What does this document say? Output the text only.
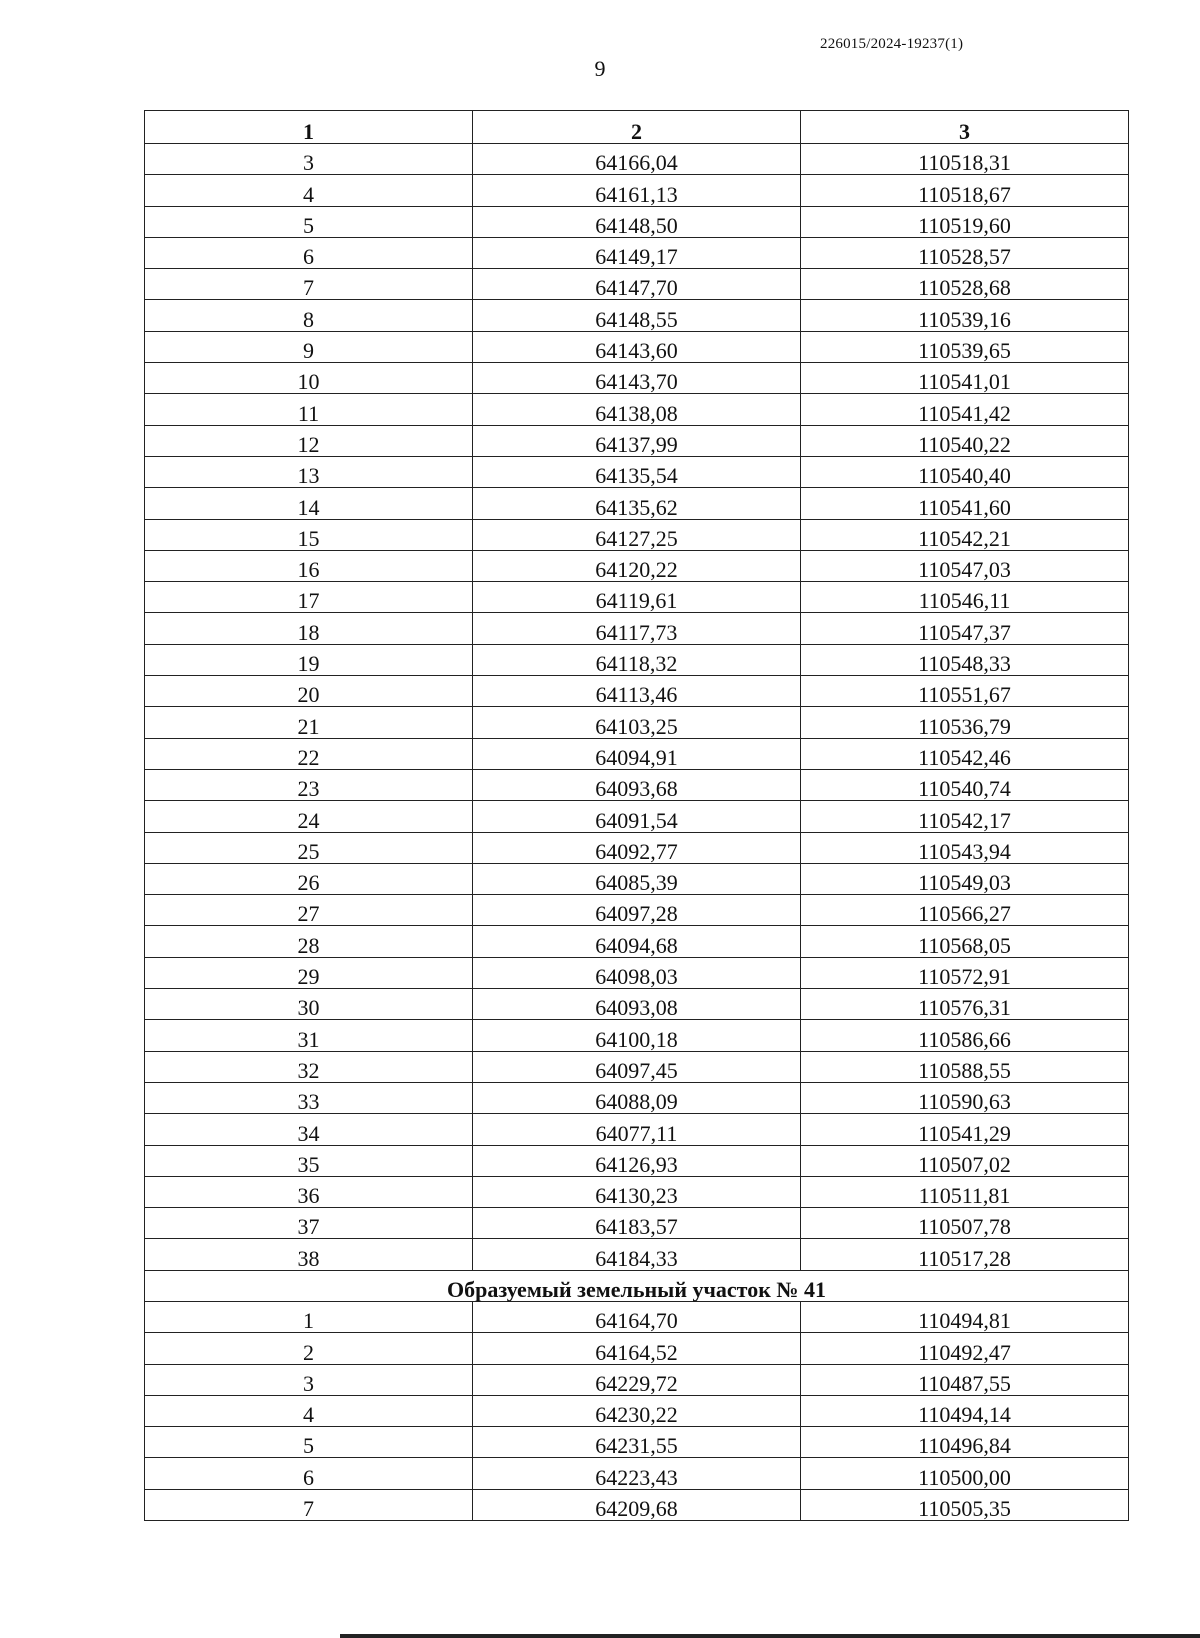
226015/2024-19237(1)
9
1	2	3
3	64166,04	110518,31
4	64161,13	110518,67
5	64148,50	110519,60
6	64149,17	110528,57
7	64147,70	110528,68
8	64148,55	110539,16
9	64143,60	110539,65
10	64143,70	110541,01
11	64138,08	110541,42
12	64137,99	110540,22
13	64135,54	110540,40
14	64135,62	110541,60
15	64127,25	110542,21
16	64120,22	110547,03
17	64119,61	110546,11
18	64117,73	110547,37
19	64118,32	110548,33
20	64113,46	110551,67
21	64103,25	110536,79
22	64094,91	110542,46
23	64093,68	110540,74
24	64091,54	110542,17
25	64092,77	110543,94
26	64085,39	110549,03
27	64097,28	110566,27
28	64094,68	110568,05
29	64098,03	110572,91
30	64093,08	110576,31
31	64100,18	110586,66
32	64097,45	110588,55
33	64088,09	110590,63
34	64077,11	110541,29
35	64126,93	110507,02
36	64130,23	110511,81
37	64183,57	110507,78
38	64184,33	110517,28
Образуемый земельный участок № 41		
1	64164,70	110494,81
2	64164,52	110492,47
3	64229,72	110487,55
4	64230,22	110494,14
5	64231,55	110496,84
6	64223,43	110500,00
7	64209,68	110505,35
